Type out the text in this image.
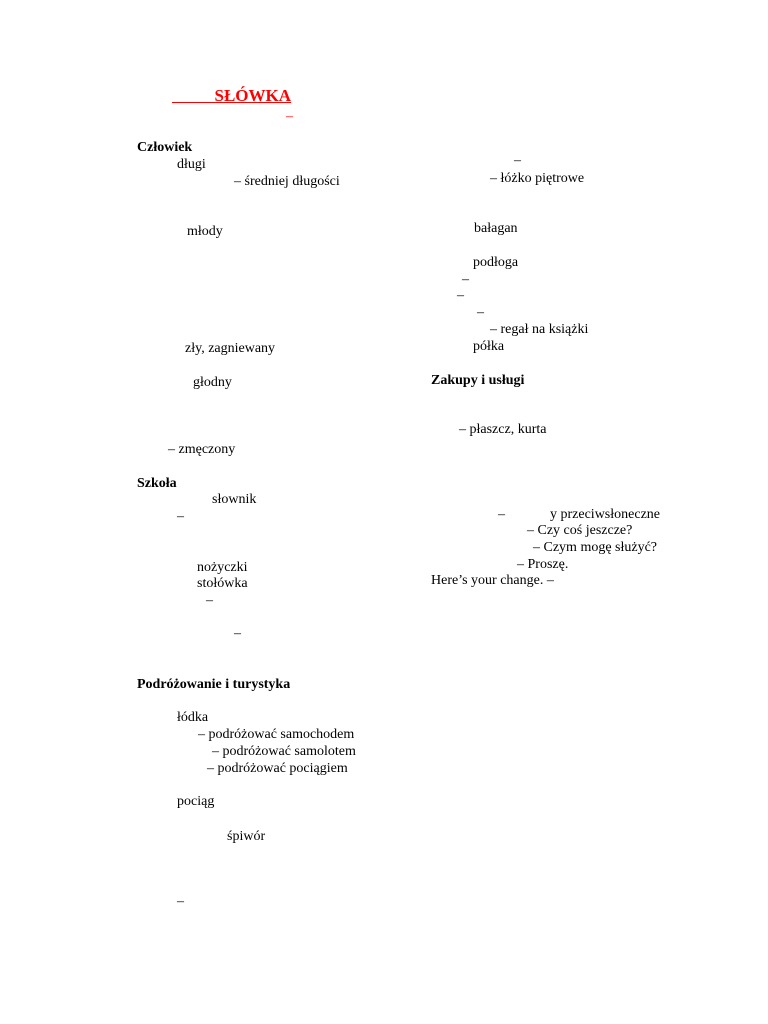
SŁÓWKA
–
Człowiek
długi
– średniej długości
młody
zły, zagniewany
głodny
– zmęczony
Szkoła
słownik
–
nożyczki
stołówka
–
–
Podróżowanie i turystyka
łódka
– podróżować samochodem
– podróżować samolotem
– podróżować pociągiem
pociąg
śpiwór
–
–
– łóżko piętrowe
bałagan
podłoga
–
–
–
– regał na książki
półka
Zakupy i usługi
– płaszcz, kurta
–	y przeciwsłoneczne
– Czy coś jeszcze?
– Czym mogę służyć?
– Proszę.
Here’s your change. –
